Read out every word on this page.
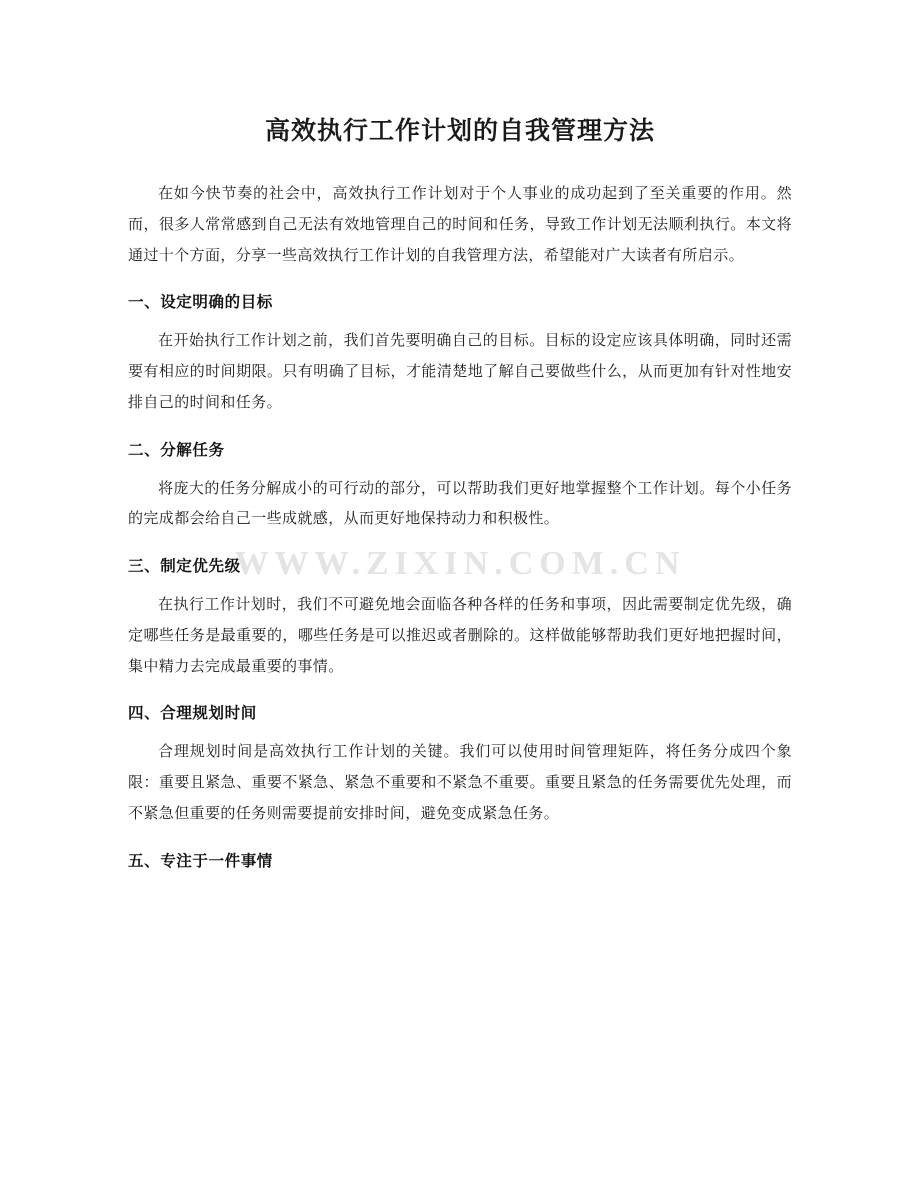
WWW.ZIXIN.COM.CN
高效执行工作计划的自我管理方法

在如今快节奏的社会中，高效执行工作计划对于个人事业的成功起到了至关重要的作用。然而，很多人常常感到自己无法有效地管理自己的时间和任务，导致工作计划无法顺利执行。本文将通过十个方面，分享一些高效执行工作计划的自我管理方法，希望能对广大读者有所启示。

一、设定明确的目标

在开始执行工作计划之前，我们首先要明确自己的目标。目标的设定应该具体明确，同时还需要有相应的时间期限。只有明确了目标，才能清楚地了解自己要做些什么，从而更加有针对性地安排自己的时间和任务。

二、分解任务

将庞大的任务分解成小的可行动的部分，可以帮助我们更好地掌握整个工作计划。每个小任务的完成都会给自己一些成就感，从而更好地保持动力和积极性。

三、制定优先级

在执行工作计划时，我们不可避免地会面临各种各样的任务和事项，因此需要制定优先级，确定哪些任务是最重要的，哪些任务是可以推迟或者删除的。这样做能够帮助我们更好地把握时间，集中精力去完成最重要的事情。

四、合理规划时间

合理规划时间是高效执行工作计划的关键。我们可以使用时间管理矩阵，将任务分成四个象限：重要且紧急、重要不紧急、紧急不重要和不紧急不重要。重要且紧急的任务需要优先处理，而不紧急但重要的任务则需要提前安排时间，避免变成紧急任务。

五、专注于一件事情
